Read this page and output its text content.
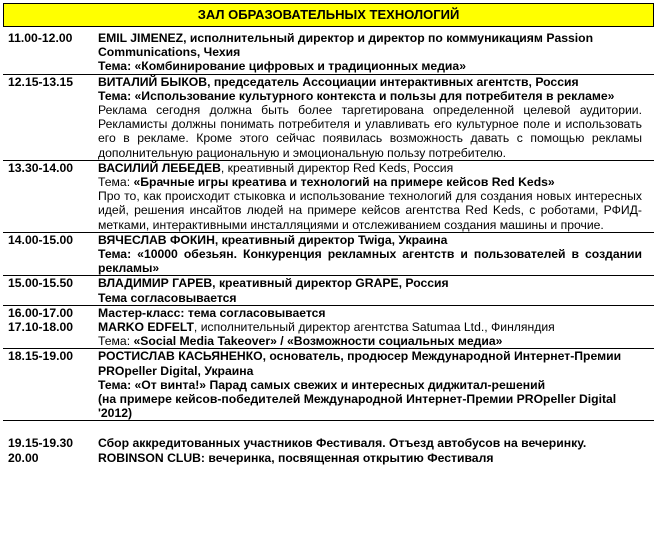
ЗАЛ ОБРАЗОВАТЕЛЬНЫХ ТЕХНОЛОГИЙ
11.00-12.00	EMIL JIMENEZ, исполнительный директор и директор по коммуникациям Passion Communications, Чехия

Тема: «Комбинирование цифровых и традиционных медиа»

12.15-13.15	ВИТАЛИЙ БЫКОВ, председатель Ассоциации интерактивных агентств, Россия

Тема: «Использование культурного контекста и пользы для потребителя в рекламе»

Реклама сегодня должна быть более таргетирована определенной целевой аудитории. Рекламисты должны понимать потребителя и улавливать его культурное поле и использовать его в рекламе. Кроме этого сейчас появилась возможность давать с помощью рекламы дополнительную рациональную и эмоциональную пользу потребителю.

13.30-14.00	ВАСИЛИЙ ЛЕБЕДЕВ, креативный директор Red Keds, Россия

Тема: «Брачные игры креатива и технологий на примере кейсов Red Keds»

Про то, как происходит стыковка и использование технологий для создания новых интересных идей, решения инсайтов людей на примере кейсов агентства Red Keds, с роботами, РФИД-метками, интерактивными инсталляциями и отслеживанием создания машины и прочие.

14.00-15.00	ВЯЧЕСЛАВ ФОКИН, креативный директор Twiga, Украина

Тема: «10000 обезьян. Конкуренция рекламных агентств и пользователей в создании рекламы»

15.00-15.50	ВЛАДИМИР ГАРЕВ, креативный директор GRAPE, Россия

Тема согласовывается

16.00-17.00	Мастер-класс: тема согласовывается

17.10-18.00	MARKO EDFELT, исполнительный директор агентства Satumaa Ltd., Финляндия

Тема: «Social Media Takeover» / «Возможности социальных медиа»

18.15-19.00	РОСТИСЛАВ КАСЬЯНЕНКО, основатель, продюсер Международной Интернет-Премии PROpeller Digital, Украина

Тема: «От винта!» Парад самых свежих и интересных диджитал-решений

(на примере кейсов-победителей Международной Интернет-Премии PROpeller Digital '2012)

19.15-19.30	Сбор аккредитованных участников Фестиваля. Отъезд автобусов на вечеринку.

20.00	ROBINSON CLUB: вечеринка, посвященная открытию Фестиваля
